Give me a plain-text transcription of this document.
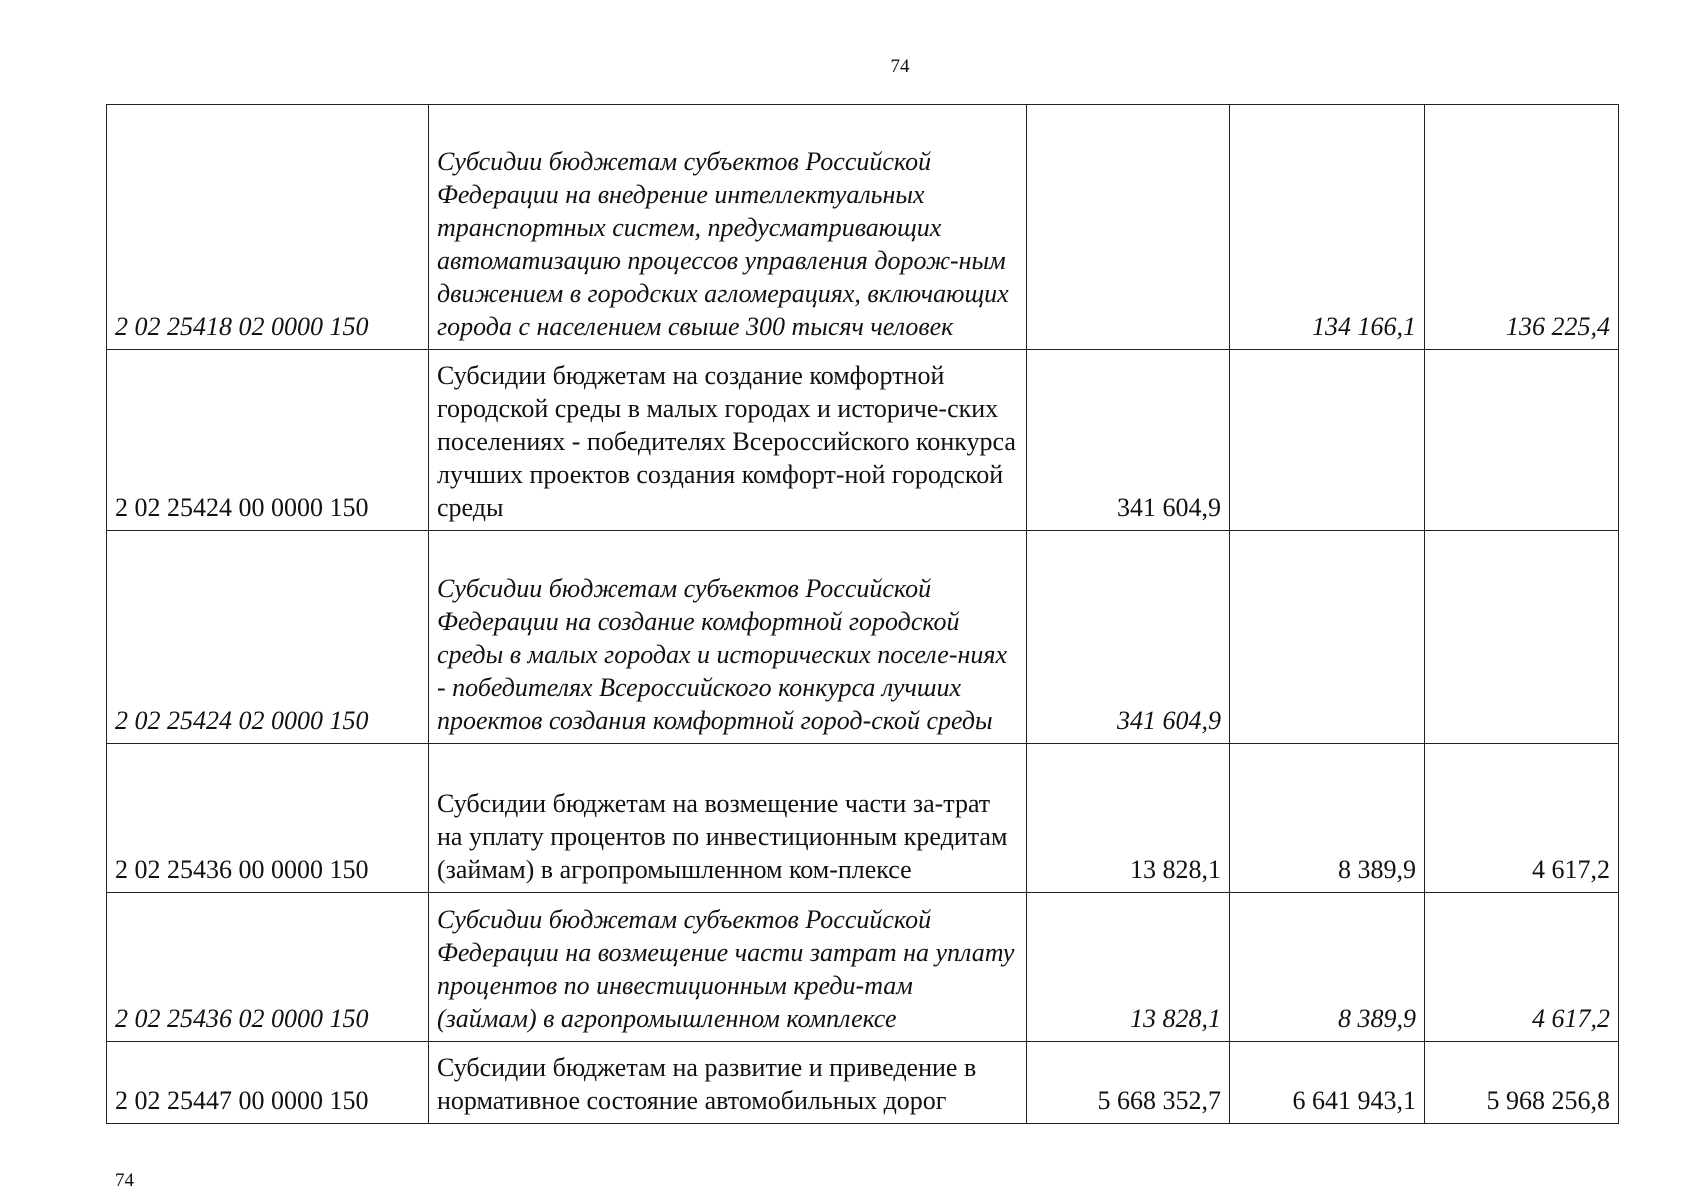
74
2 02 25418 02 0000 150	Субсидии бюджетам субъектов Российской Федерации на внедрение интеллектуальных транспортных систем, предусматривающих автоматизацию процессов управления дорож-ным движением в городских агломерациях, включающих города с населением свыше 300 тысяч человек		134 166,1	136 225,4
2 02 25424 00 0000 150	Субсидии бюджетам на создание комфортной городской среды в малых городах и историче-ских поселениях - победителях Всероссийского конкурса лучших проектов создания комфорт-ной городской среды	341 604,9		
2 02 25424 02 0000 150	Субсидии бюджетам субъектов Российской Федерации на создание комфортной городской среды в малых городах и исторических поселе-ниях - победителях Всероссийского конкурса лучших проектов создания комфортной город-ской среды	341 604,9		
2 02 25436 00 0000 150	Субсидии бюджетам на возмещение части за-трат на уплату процентов по инвестиционным кредитам (займам) в агропромышленном ком-плексе	13 828,1	8 389,9	4 617,2
2 02 25436 02 0000 150	Субсидии бюджетам субъектов Российской Федерации на возмещение части затрат на уплату процентов по инвестиционным креди-там (займам) в агропромышленном комплексе	13 828,1	8 389,9	4 617,2
2 02 25447 00 0000 150	Субсидии бюджетам на развитие и приведение в нормативное состояние автомобильных дорог	5 668 352,7	6 641 943,1	5 968 256,8
74
